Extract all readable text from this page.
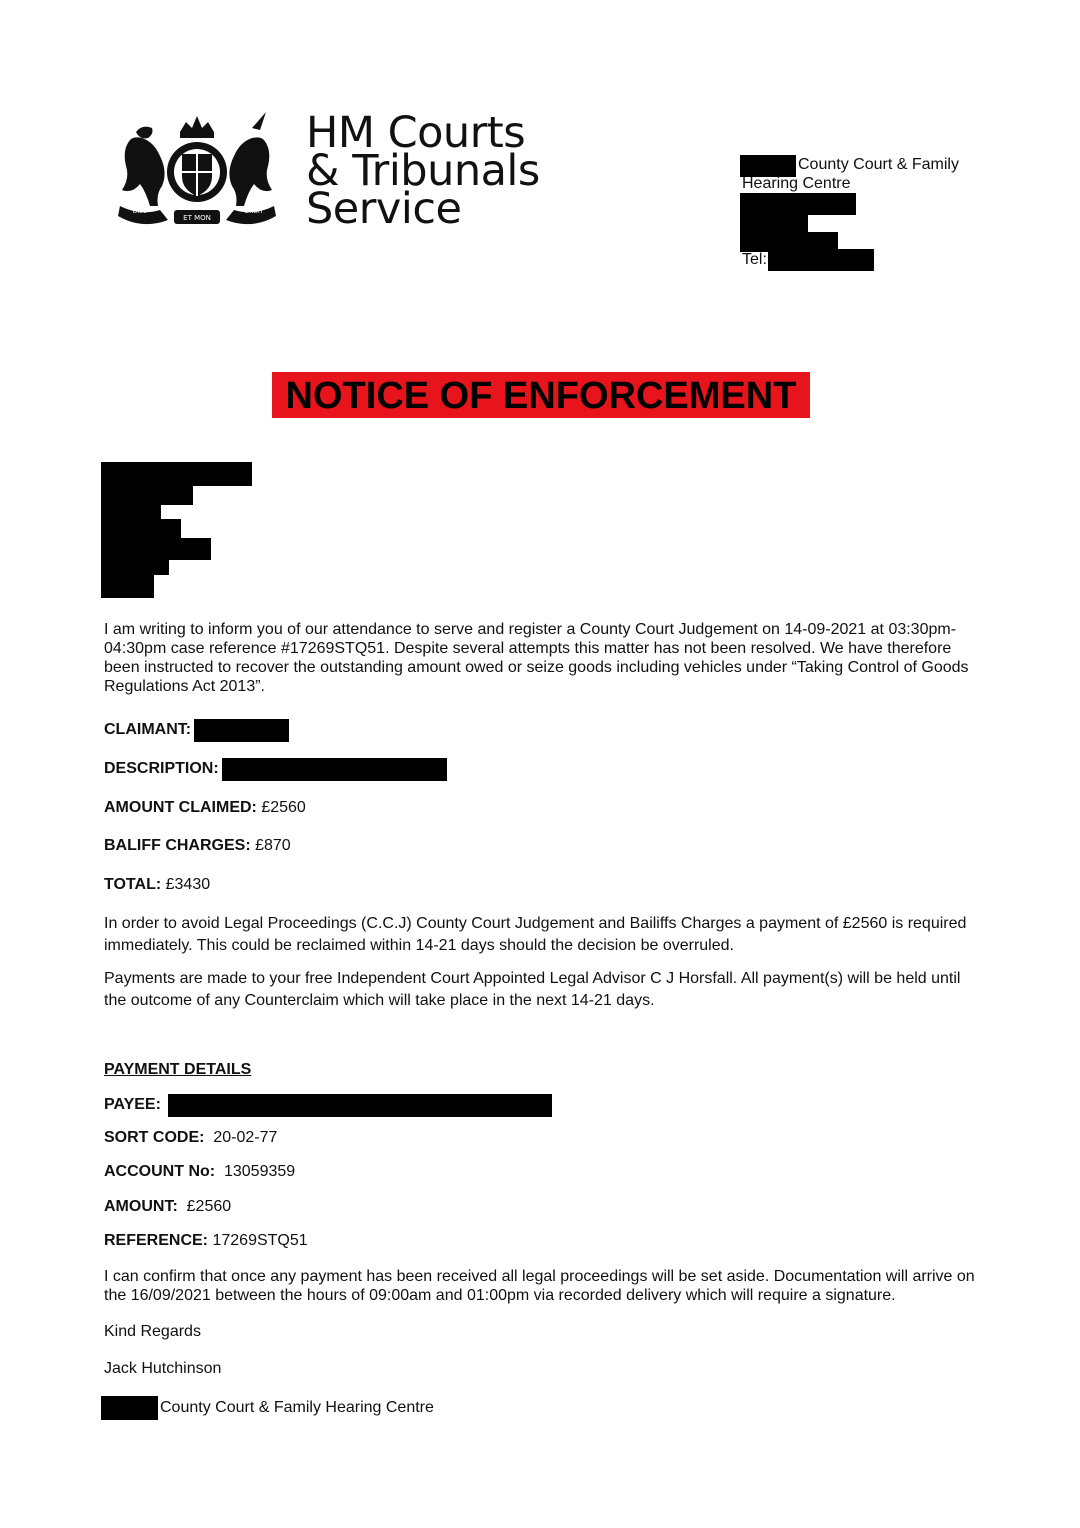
ET MON
DIEU	DROIT
HM Courts
& Tribunals
Service
County Court & Family
Hearing Centre
Tel:
NOTICE OF ENFORCEMENT
I am writing to inform you of our attendance to serve and register a County Court Judgement on 14-09-2021 at 03:30pm-04:30pm case reference #17269STQ51. Despite several attempts this matter has not been resolved. We have therefore been instructed to recover the outstanding amount owed or seize goods including vehicles under “Taking Control of Goods Regulations Act 2013”.
CLAIMANT:
DESCRIPTION:
AMOUNT CLAIMED: £2560
BALIFF CHARGES: £870
TOTAL: £3430
In order to avoid Legal Proceedings (C.C.J) County Court Judgement and Bailiffs Charges a payment of £2560 is required immediately. This could be reclaimed within 14-21 days should the decision be overruled.
Payments are made to your free Independent Court Appointed Legal Advisor C J Horsfall. All payment(s) will be held until the outcome of any Counterclaim which will take place in the next 14-21 days.
PAYMENT DETAILS
PAYEE:
SORT CODE: 20-02-77
ACCOUNT No: 13059359
AMOUNT: £2560
REFERENCE: 17269STQ51
I can confirm that once any payment has been received all legal proceedings will be set aside. Documentation will arrive on the 16/09/2021 between the hours of 09:00am and 01:00pm via recorded delivery which will require a signature.
Kind Regards
Jack Hutchinson
County Court & Family Hearing Centre
